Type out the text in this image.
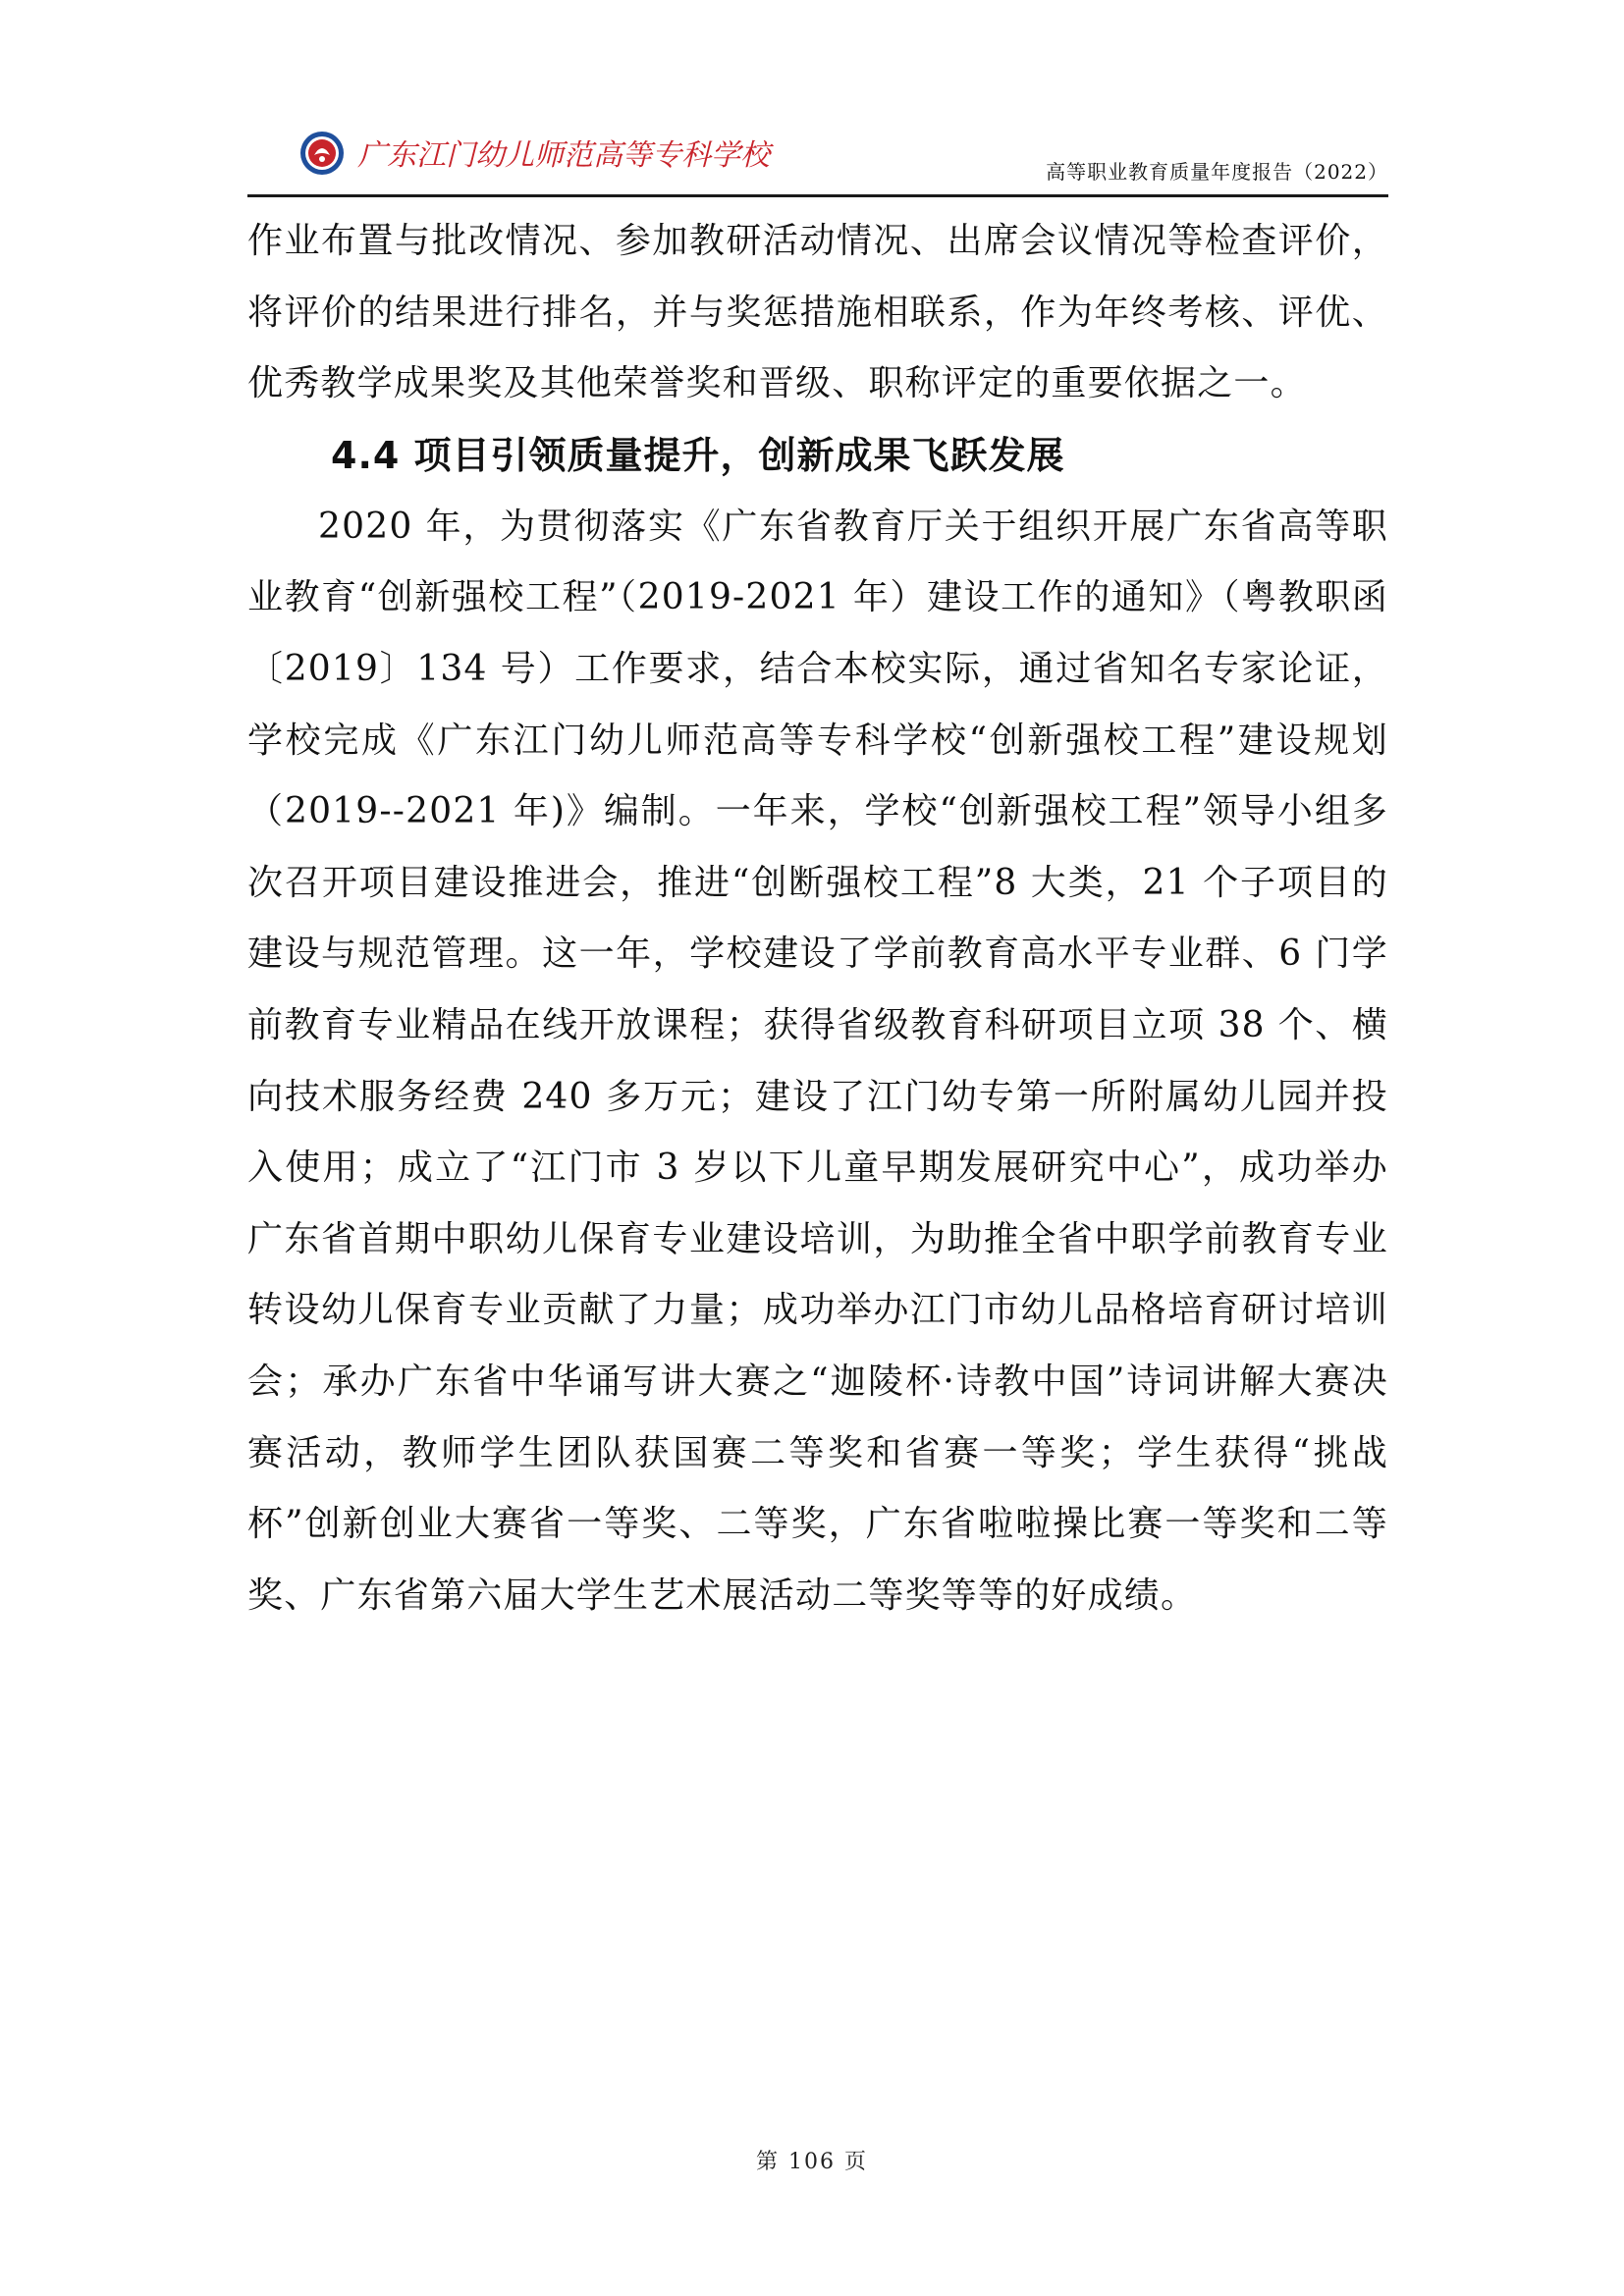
广东江门幼儿师范高等专科学校	高等职业教育质量年度报告（2022）

作业布置与批改情况、参加教研活动情况、出席会议情况等检查评价，将评价的结果进行排名，并与奖惩措施相联系，作为年终考核、评优、优秀教学成果奖及其他荣誉奖和晋级、职称评定的重要依据之一。

4.4 项目引领质量提升，创新成果飞跃发展

2020 年，为贯彻落实《广东省教育厅关于组织开展广东省高等职业教育“创新强校工程”（2019-2021 年）建设工作的通知》（粤教职函〔2019〕134 号）工作要求，结合本校实际，通过省知名专家论证，学校完成《广东江门幼儿师范高等专科学校“创新强校工程”建设规划（2019--2021 年)》编制。一年来，学校“创新强校工程”领导小组多次召开项目建设推进会，推进“创断强校工程”8 大类，21 个子项目的建设与规范管理。这一年，学校建设了学前教育高水平专业群、6 门学前教育专业精品在线开放课程；获得省级教育科研项目立项 38 个、横向技术服务经费 240 多万元；建设了江门幼专第一所附属幼儿园并投入使用；成立了“江门市 3 岁以下儿童早期发展研究中心”，成功举办广东省首期中职幼儿保育专业建设培训，为助推全省中职学前教育专业转设幼儿保育专业贡献了力量；成功举办江门市幼儿品格培育研讨培训会；承办广东省中华诵写讲大赛之“迦陵杯·诗教中国”诗词讲解大赛决赛活动，教师学生团队获国赛二等奖和省赛一等奖；学生获得“挑战杯”创新创业大赛省一等奖、二等奖，广东省啦啦操比赛一等奖和二等奖、广东省第六届大学生艺术展活动二等奖等等的好成绩。

第 106 页
